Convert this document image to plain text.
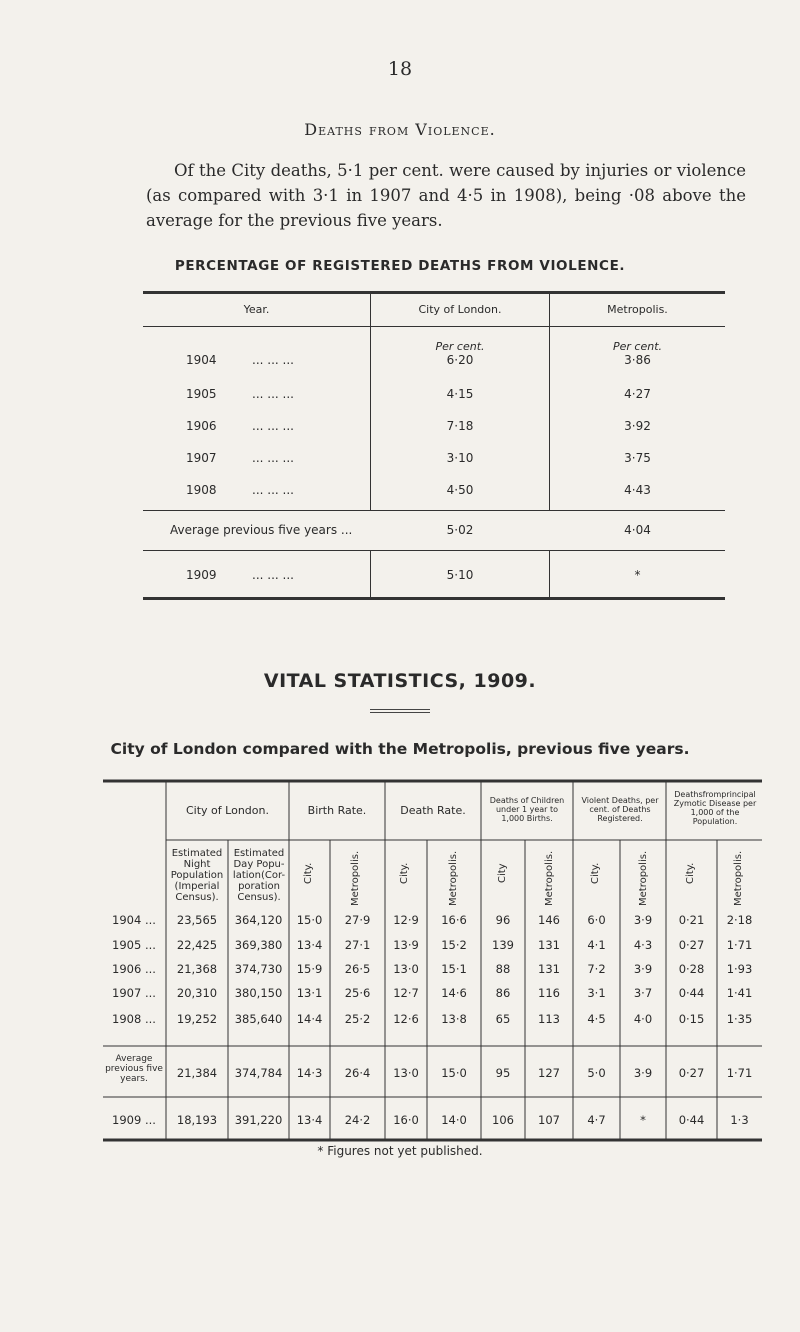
18
Deaths from Violence.
Of the City deaths, 5·1 per cent. were caused by injuries or violence (as compared with 3·1 in 1907 and 4·5 in 1908), being ·08 above the average for the previous five years.
PERCENTAGE OF REGISTERED DEATHS FROM VIOLENCE.
Year.	City of London.	Metropolis.
Per cent.	Per cent.
1904	... ... ...	6·20	3·86
1905	... ... ...	4·15	4·27
1906	... ... ...	7·18	3·92
1907	... ... ...	3·10	3·75
1908	... ... ...	4·50	4·43
Average previous five years ...	5·02	4·04
1909	... ... ...	5·10	*
VITAL STATISTICS, 1909.
City of London compared with the Metropolis, previous five years.
City of London.	Birth Rate.	Death Rate.
Deaths of Children under 1 year to 1,000 Births.
Violent Deaths, per cent. of Deaths Registered.
Deathsfromprincipal Zymotic Disease per 1,000 of the Population.
Estimated Night Population (Imperial Census).
Estimated Day Popu- lation(Cor- poration Census).
City.	Metropolis.	City.	Metropolis.	City	Metropolis.	City.	Metropolis.	City.	Metropolis.
1904 ...	23,565	364,120	15·0	27·9	12·9	16·6	96	146	6·0	3·9	0·21	2·18
1905 ...	22,425	369,380	13·4	27·1	13·9	15·2	139	131	4·1	4·3	0·27	1·71
1906 ...	21,368	374,730	15·9	26·5	13·0	15·1	88	131	7·2	3·9	0·28	1·93
1907 ...	20,310	380,150	13·1	25·6	12·7	14·6	86	116	3·1	3·7	0·44	1·41
1908 ...	19,252	385,640	14·4	25·2	12·6	13·8	65	113	4·5	4·0	0·15	1·35
Average previous five years.	21,384	374,784	14·3	26·4	13·0	15·0	95	127	5·0	3·9	0·27	1·71
1909 ...	18,193	391,220	13·4	24·2	16·0	14·0	106	107	4·7	*	0·44	1·3
* Figures not yet published.
